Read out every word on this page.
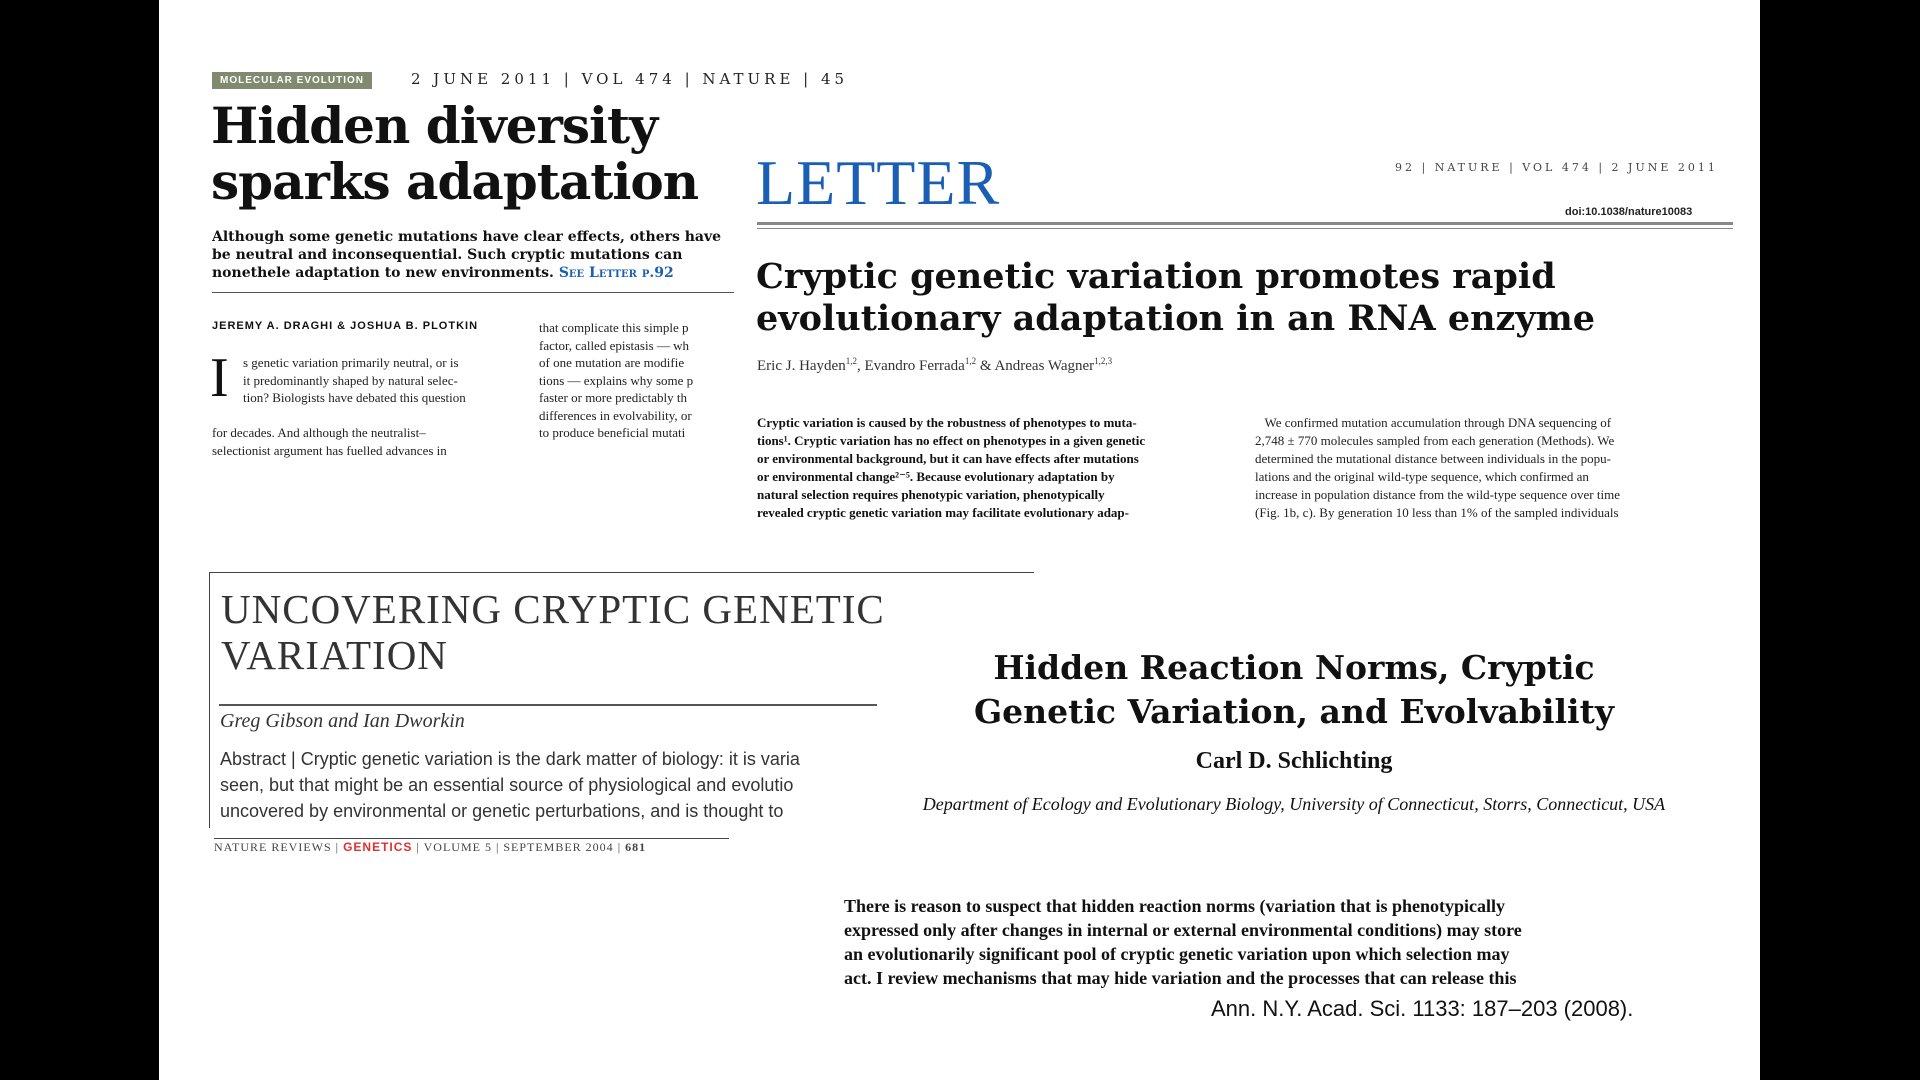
MOLECULAR EVOLUTION	2 JUNE 2011 | VOL 474 | NATURE | 45
Hidden diversity sparks adaptation
Although some genetic mutations have clear effects, others have be neutral and inconsequential. Such cryptic mutations can nonethele adaptation to new environments. See Letter p.92
JEREMY A. DRAGHI & JOSHUA B. PLOTKIN
I s genetic variation primarily neutral, or is
it predominantly shaped by natural selec-
tion? Biologists have debated this question
for decades. And although the neutralist–
selectionist argument has fuelled advances in
that complicate this simple p
factor, called epistasis — wh
of one mutation are modifie
tions — explains why some p
faster or more predictably th
differences in evolvability, or
to produce beneficial mutati
LETTER	92 | NATURE | VOL 474 | 2 JUNE 2011
doi:10.1038/nature10083
Cryptic genetic variation promotes rapid evolutionary adaptation in an RNA enzyme
Eric J. Hayden$^{1,2}$, Evandro Ferrada$^{1,2}$ & Andreas Wagner$^{1,2,3}$
Cryptic variation is caused by the robustness of phenotypes to muta-
tions¹. Cryptic variation has no effect on phenotypes in a given genetic
or environmental background, but it can have effects after mutations
or environmental change²⁻⁵. Because evolutionary adaptation by
natural selection requires phenotypic variation, phenotypically
revealed cryptic genetic variation may facilitate evolutionary adap-
We confirmed mutation accumulation through DNA sequencing of
2,748 ± 770 molecules sampled from each generation (Methods). We
determined the mutational distance between individuals in the popu-
lations and the original wild-type sequence, which confirmed an
increase in population distance from the wild-type sequence over time
(Fig. 1b, c). By generation 10 less than 1% of the sampled individuals
UNCOVERING CRYPTIC GENETIC VARIATION
Greg Gibson and Ian Dworkin
Abstract | Cryptic genetic variation is the dark matter of biology: it is varia
seen, but that might be an essential source of physiological and evolutio
uncovered by environmental or genetic perturbations, and is thought to
NATURE REVIEWS | GENETICS | VOLUME 5 | SEPTEMBER 2004 | 681
Hidden Reaction Norms, Cryptic Genetic Variation, and Evolvability
Carl D. Schlichting
Department of Ecology and Evolutionary Biology, University of Connecticut, Storrs, Connecticut, USA
There is reason to suspect that hidden reaction norms (variation that is phenotypically
expressed only after changes in internal or external environmental conditions) may store
an evolutionarily significant pool of cryptic genetic variation upon which selection may
act. I review mechanisms that may hide variation and the processes that can release this
Ann. N.Y. Acad. Sci. 1133: 187–203 (2008).
